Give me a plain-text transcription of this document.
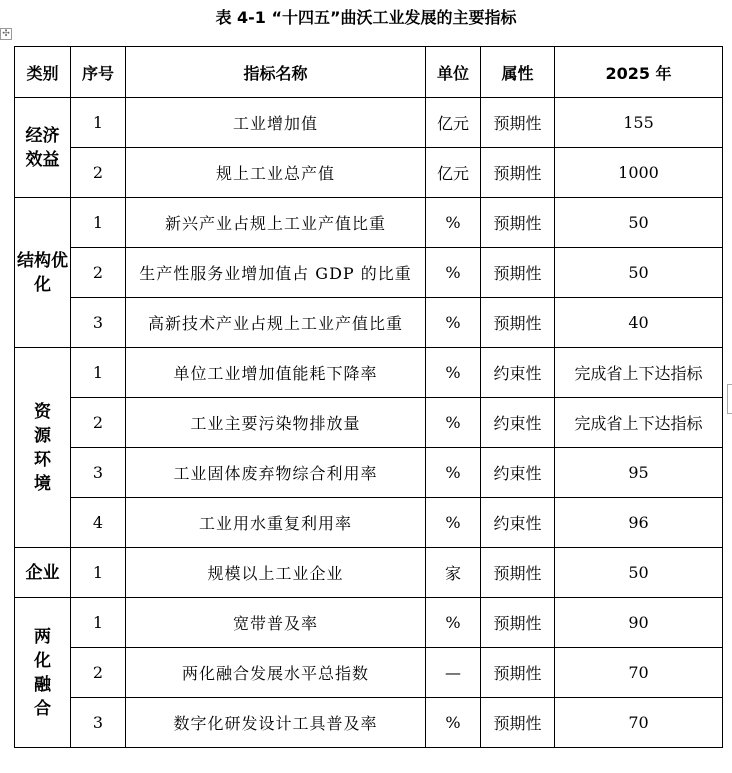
表 4-1 “十四五”曲沃工业发展的主要指标
✣
类别	序号	指标名称	单位	属性	2025 年
经济效益	1	工业增加值	亿元	预期性	155
	2	规上工业总产值	亿元	预期性	1000
结构优化	1	新兴产业占规上工业产值比重	%	预期性	50
	2	生产性服务业增加值占 GDP 的比重	%	预期性	50
	3	高新技术产业占规上工业产值比重	%	预期性	40
资源环境	1	单位工业增加值能耗下降率	%	约束性	完成省上下达指标
	2	工业主要污染物排放量	%	约束性	完成省上下达指标
	3	工业固体废弃物综合利用率	%	约束性	95
	4	工业用水重复利用率	%	约束性	96
企业	1	规模以上工业企业	家	预期性	50
两化融合	1	宽带普及率	%	预期性	90
	2	两化融合发展水平总指数	—	预期性	70
	3	数字化研发设计工具普及率	%	预期性	70
